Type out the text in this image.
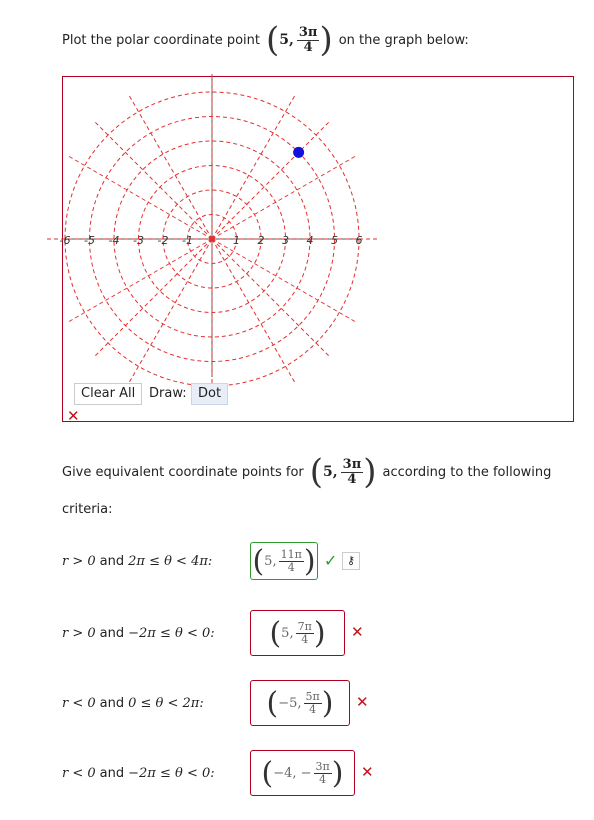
Plot the polar coordinate point ( 5, $\frac{3\pi}{4}$ ) on the graph below:
-6 -5 -4 -3 -2 -1	1 2 3 4 5 6
Clear All	Draw: Dot
✕
Give equivalent coordinate points for ( 5, $\frac{3\pi}{4}$ ) according to the following
criteria:
r > 0 and 2π ≤ θ < 4π: ( 5, $\frac{11\pi}{4}$ ) ✓ ⚷
r > 0 and −2π ≤ θ < 0: ( 5, $\frac{7\pi}{4}$ ) ✕
r < 0 and 0 ≤ θ < 2π: ( −5, $\frac{5\pi}{4}$ ) ✕
r < 0 and −2π ≤ θ < 0: ( −4, − $\frac{3\pi}{4}$ ) ✕
